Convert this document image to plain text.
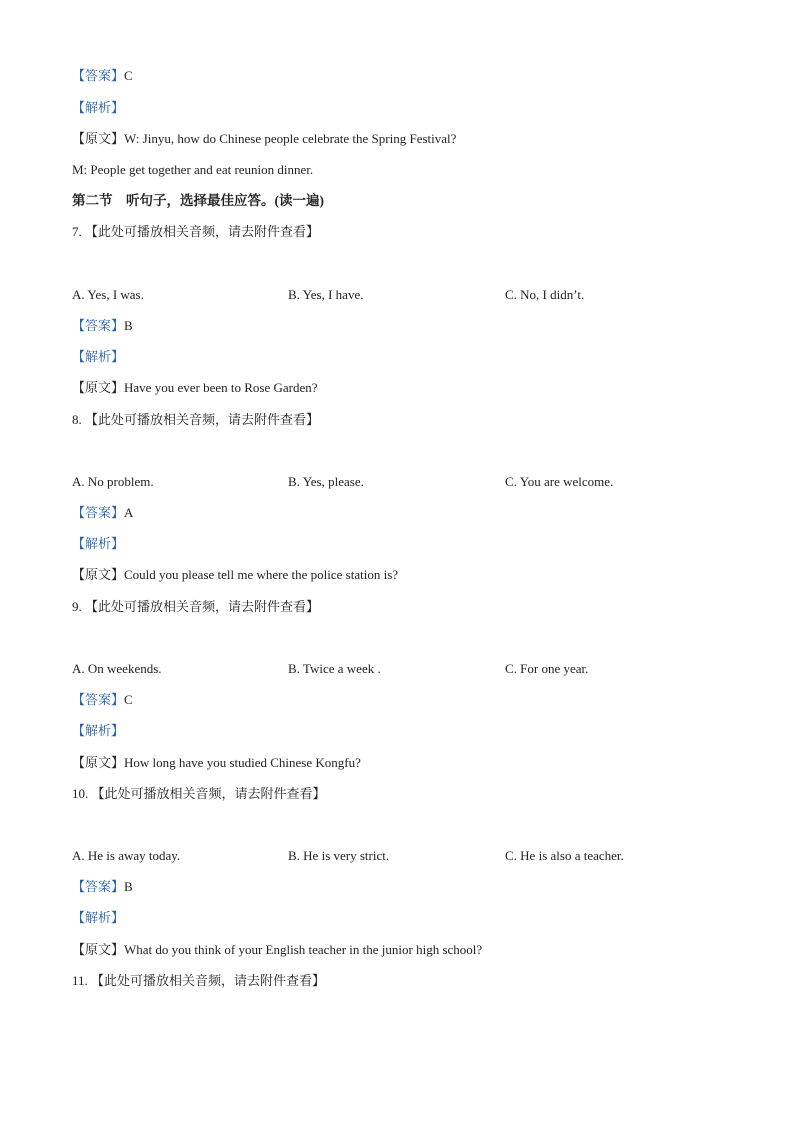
【答案】C
【解析】
【原文】W: Jinyu, how do Chinese people celebrate the Spring Festival?
M: People get together and eat reunion dinner.
第二节　听句子，选择最佳应答。(读一遍)
7. 【此处可播放相关音频，请去附件查看】
A. Yes, I was.	B. Yes, I have.	C. No, I didn’t.
【答案】B
【解析】
【原文】Have you ever been to Rose Garden?
8. 【此处可播放相关音频，请去附件查看】
A. No problem.	B. Yes, please.	C. You are welcome.
【答案】A
【解析】
【原文】Could you please tell me where the police station is?
9. 【此处可播放相关音频，请去附件查看】
A. On weekends.	B. Twice a week .	C. For one year.
【答案】C
【解析】
【原文】How long have you studied Chinese Kongfu?
10. 【此处可播放相关音频，请去附件查看】
A. He is away today.	B. He is very strict.	C. He is also a teacher.
【答案】B
【解析】
【原文】What do you think of your English teacher in the junior high school?
11. 【此处可播放相关音频，请去附件查看】
